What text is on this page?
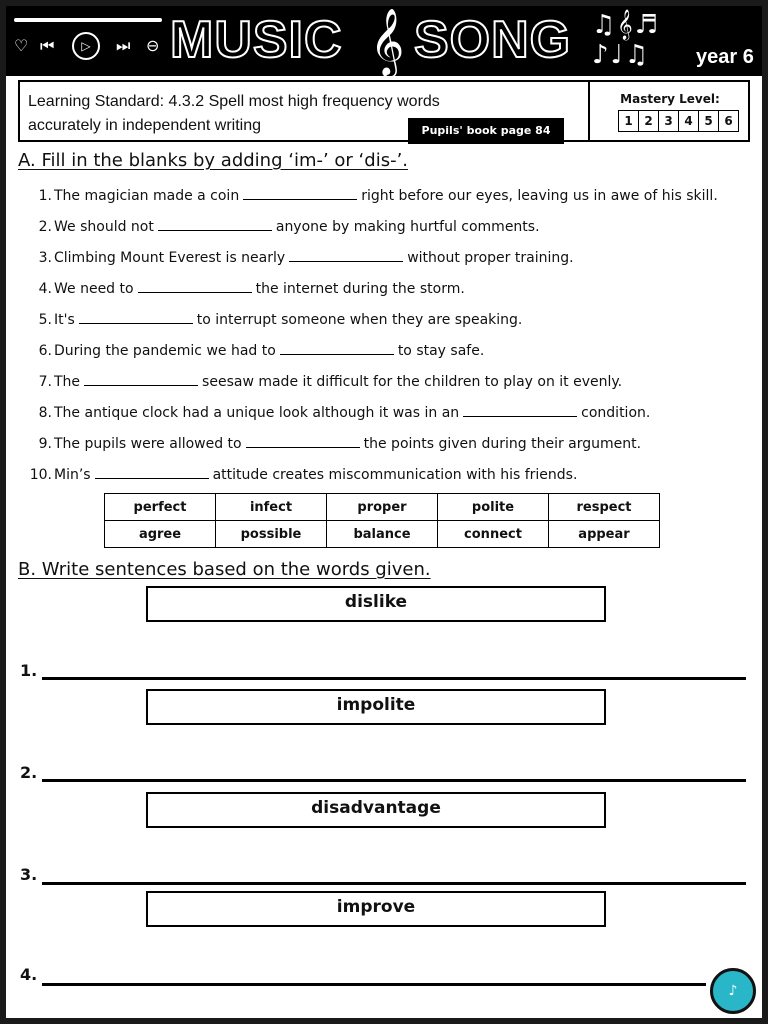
♡ ⏮	▷	⏭ ⊖ MUSIC 𝄞 SONG ♫𝄞♬
♪♩♫	year 6
Learning Standard: 4.3.2 Spell most high frequency words accurately in independent writing	Pupils' book page 84
Mastery Level:
1 2 3 4 5 6
A. Fill in the blanks by adding ‘im-’ or ‘dis-’.
1. The magician made a coin	right before our eyes, leaving us in awe of his skill.
2. We should not	anyone by making hurtful comments.
3. Climbing Mount Everest is nearly	without proper training.
4. We need to	the internet during the storm.
5. It's	to interrupt someone when they are speaking.
6. During the pandemic we had to	to stay safe.
7. The	seesaw made it difficult for the children to play on it evenly.
8. The antique clock had a unique look although it was in an	condition.
9. The pupils were allowed to	the points given during their argument.
10. Min’s	attitude creates miscommunication with his friends.
perfect	infect	proper	polite	respect
agree	possible	balance	connect	appear
B. Write sentences based on the words given.
dislike
1.
impolite
2.
disadvantage
3.
improve
4.
♪
